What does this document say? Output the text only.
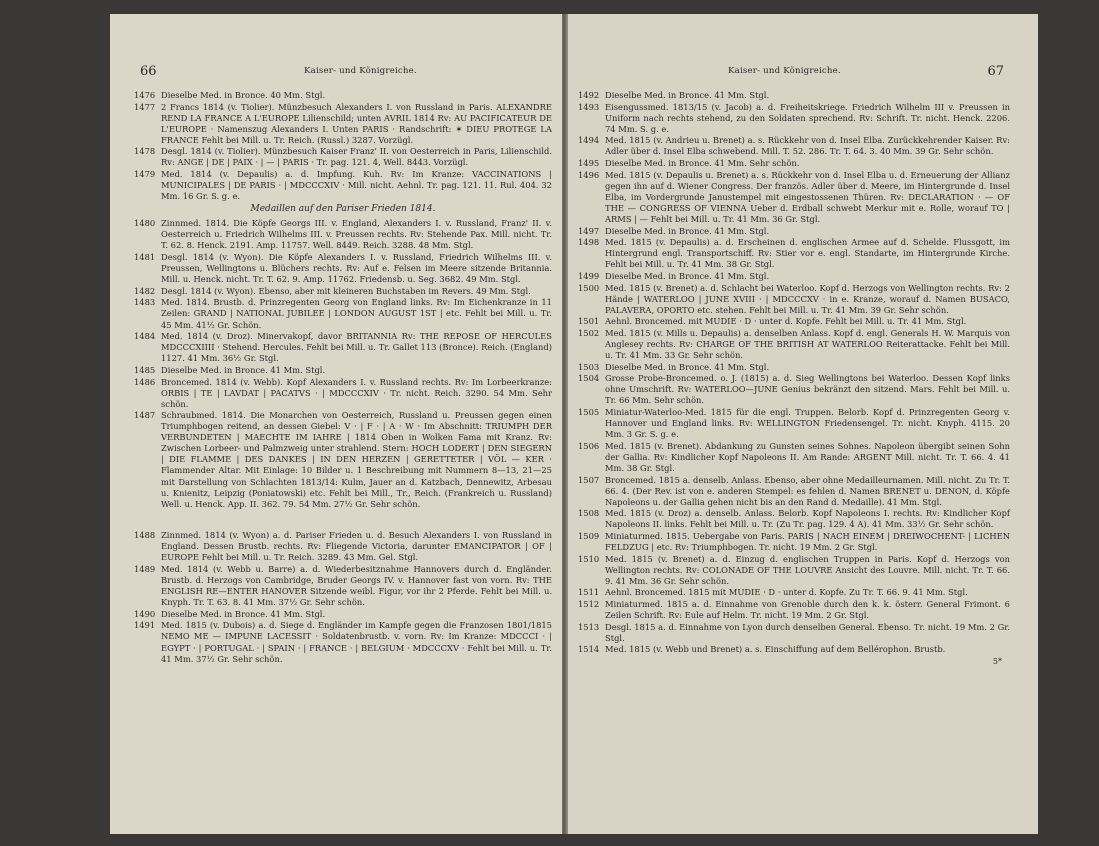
66	Kaiser- und Königreiche.
1476 Dieselbe Med. in Bronce. 40 Mm. Stgl.
1477 2 Francs 1814 (v. Tiolier). Münzbesuch Alexanders I. von Russland in Paris. ALEXANDRE REND LA FRANCE A L'EUROPE Lilienschild; unten AVRIL 1814 Rv: AU PACIFICATEUR DE L'EUROPE · Namenszug Alexanders I. Unten PARIS · Randschrift: ✶ DIEU PROTEGE LA FRANCE Fehlt bei Mill. u. Tr. Reich. (Russl.) 3287. Vorzügl.
1478 Desgl. 1814 (v. Tiolier). Münzbesuch Kaiser Franz' II. von Oesterreich in Paris, Lilienschild. Rv: ANGE | DE | PAIX · | — | PARIS · Tr. pag. 121. 4, Well. 8443. Vorzügl.
1479 Med. 1814 (v. Depaulis) a. d. Impfung. Kuh. Rv: Im Kranze: VACCINATIONS | MUNICIPALES | DE PARIS · | MDCCCXIV · Mill. nicht. Aehnl. Tr. pag. 121. 11. Rul. 404. 32 Mm. 16 Gr. S. g. e.
Medaillen auf den Pariser Frieden 1814.
1480 Zinnmed. 1814. Die Köpfe Georgs III. v. England, Alexanders I. v. Russland, Franz' II. v. Oesterreich u. Friedrich Wilhelms III. v. Preussen rechts. Rv: Stehende Pax. Mill. nicht. Tr. T. 62. 8. Henck. 2191. Amp. 11757. Well. 8449. Reich. 3288. 48 Mm. Stgl.
1481 Desgl. 1814 (v. Wyon). Die Köpfe Alexanders I. v. Russland, Friedrich Wilhelms III. v. Preussen, Wellingtons u. Blüchers rechts. Rv: Auf e. Felsen im Meere sitzende Britannia. Mill. u. Henck. nicht. Tr. T. 62. 9. Amp. 11762. Friedensb. u. Seg. 3682. 49 Mm. Stgl.
1482 Desgl. 1814 (v. Wyon). Ebenso, aber mit kleineren Buchstaben im Revers. 49 Mm. Stgl.
1483 Med. 1814. Brustb. d. Prinzregenten Georg von England links. Rv: Im Eichenkranze in 11 Zeilen: GRAND | NATIONAL JUBILEE | LONDON AUGUST 1ST | etc. Fehlt bei Mill. u. Tr. 45 Mm. 41½ Gr. Schön.
1484 Med. 1814 (v. Droz). Minervakopf, davor BRITANNIA Rv: THE REPOSE OF HERCULES MDCCCXIIII · Stehend. Hercules. Fehlt bei Mill. u. Tr. Gallet 113 (Bronce). Reich. (England) 1127. 41 Mm. 36½ Gr. Stgl.
1485 Dieselbe Med. in Bronce. 41 Mm. Stgl.
1486 Broncemed. 1814 (v. Webb). Kopf Alexanders I. v. Russland rechts. Rv: Im Lorbeerkranze: ORBIS | TE | LAVDAT | PACATVS · | MDCCCXIV · Tr. nicht. Reich. 3290. 54 Mm. Sehr schön.
1487 Schraubmed. 1814. Die Monarchen von Oesterreich, Russland u. Preussen gegen einen Triumphbogen reitend, an dessen Giebel: V · | F · | A · W · Im Abschnitt: TRIUMPH DER VERBUNDETEN | MAECHTE IM IAHRE | 1814 Oben in Wolken Fama mit Kranz. Rv: Zwischen Lorbeer- und Palmzweig unter strahlend. Stern: HOCH LODERT | DEN SIEGERN | DIE FLAMME | DES DANKES | IN DEN HERZEN | GERETTETER | VÖL — KER · Flammender Altar. Mit Einlage: 10 Bilder u. 1 Beschreibung mit Nummern 8—13, 21—25 mit Darstellung von Schlachten 1813/14: Kulm, Jauer an d. Katzbach, Dennewitz, Arbesau u. Knienitz, Leipzig (Poniatowski) etc. Fehlt bei Mill., Tr., Reich. (Frankreich u. Russland) Well. u. Henck. App. II. 362. 79. 54 Mm. 27½ Gr. Sehr schön.
1488 Zinnmed. 1814 (v. Wyon) a. d. Pariser Frieden u. d. Besuch Alexanders I. von Russland in England. Dessen Brustb. rechts. Rv: Fliegende Victoria, darunter EMANCIPATOR | OF | EUROPE Fehlt bei Mill. u. Tr. Reich. 3289. 43 Mm. Gel. Stgl.
1489 Med. 1814 (v. Webb u. Barre) a. d. Wiederbesitznahme Hannovers durch d. Engländer. Brustb. d. Herzogs von Cambridge, Bruder Georgs IV. v. Hannover fast von vorn. Rv: THE ENGLISH RE—ENTER HANOVER Sitzende weibl. Figur, vor ihr 2 Pferde. Fehlt bei Mill. u. Knyph. Tr. T. 63. 8. 41 Mm. 37½ Gr. Sehr schön.
1490 Dieselbe Med. in Bronce. 41 Mm. Stgl.
1491 Med. 1815 (v. Dubois) a. d. Siege d. Engländer im Kampfe gegen die Franzosen 1801/1815 NEMO ME — IMPUNE LACESSIT · Soldatenbrustb. v. vorn. Rv: Im Kranze: MDCCCI · | EGYPT · | PORTUGAL · | SPAIN · | FRANCE · | BELGIUM · MDCCCXV · Fehlt bei Mill. u. Tr. 41 Mm. 37½ Gr. Sehr schön.
Kaiser- und Königreiche.	67
1492 Dieselbe Med. in Bronce. 41 Mm. Stgl.
1493 Eisengussmed. 1813/15 (v. Jacob) a. d. Freiheitskriege. Friedrich Wilhelm III v. Preussen in Uniform nach rechts stehend, zu den Soldaten sprechend. Rv: Schrift. Tr. nicht. Henck. 2206. 74 Mm. S. g. e.
1494 Med. 1815 (v. Andrieu u. Brenet) a. s. Rückkehr von d. Insel Elba. Zurückkehrender Kaiser. Rv: Adler über d. Insel Elba schwebend. Mill. T. 52. 286. Tr. T. 64. 3. 40 Mm. 39 Gr. Sehr schön.
1495 Dieselbe Med. in Bronce. 41 Mm. Sehr schön.
1496 Med. 1815 (v. Depaulis u. Brenet) a. s. Rückkehr von d. Insel Elba u. d. Erneuerung der Allianz gegen ihn auf d. Wiener Congress. Der französ. Adler über d. Meere, im Hintergrunde d. Insel Elba, im Vordergrunde Janustempel mit eingestossenen Thüren. Rv: DECLARATION · — OF THE — CONGRESS OF VIENNA Ueber d. Erdball schwebt Merkur mit e. Rolle, worauf TO | ARMS | — Fehlt bei Mill. u. Tr. 41 Mm. 36 Gr. Stgl.
1497 Dieselbe Med. in Bronce. 41 Mm. Stgl.
1498 Med. 1815 (v. Depaulis) a. d. Erscheinen d. englischen Armee auf d. Schelde. Flussgott, im Hintergrund engl. Transportschiff. Rv: Stier vor e. engl. Standarte, im Hintergrunde Kirche. Fehlt bei Mill. u. Tr. 41 Mm. 38 Gr. Stgl.
1499 Dieselbe Med. in Bronce. 41 Mm. Stgl.
1500 Med. 1815 (v. Brenet) a. d. Schlacht bei Waterloo. Kopf d. Herzogs von Wellington rechts. Rv: 2 Hände | WATERLOO | JUNE XVIII · | MDCCCXV · in e. Kranze, worauf d. Namen BUSACO, PALAVERA, OPORTO etc. stehen. Fehlt bei Mill. u. Tr. 41 Mm. 39 Gr. Sehr schön.
1501 Aehnl. Broncemed. mit MUDIE · D · unter d. Kopfe. Fehlt bei Mill. u. Tr. 41 Mm. Stgl.
1502 Med. 1815 (v. Mills u. Depaulis) a. denselben Anlass. Kopf d. engl. Generals H. W. Marquis von Anglesey rechts. Rv: CHARGE OF THE BRITISH AT WATERLOO Reiterattacke. Fehlt bei Mill. u. Tr. 41 Mm. 33 Gr. Sehr schön.
1503 Dieselbe Med. in Bronce. 41 Mm. Stgl.
1504 Grosse Probe-Broncemed. o. J. (1815) a. d. Sieg Wellingtons bei Waterloo. Dessen Kopf links ohne Umschrift. Rv: WATERLOO—JUNE Genius bekränzt den sitzend. Mars. Fehlt bei Mill. u. Tr. 66 Mm. Sehr schön.
1505 Miniatur-Waterloo-Med. 1815 für die engl. Truppen. Belorb. Kopf d. Prinzregenten Georg v. Hannover und England links. Rv: WELLINGTON Friedensengel. Tr. nicht. Knyph. 4115. 20 Mm. 3 Gr. S. g. e.
1506 Med. 1815 (v. Brenet). Abdankung zu Gunsten seines Sohnes. Napoleon übergibt seinen Sohn der Gallia. Rv: Kindlicher Kopf Napoleons II. Am Rande: ARGENT Mill. nicht. Tr. T. 66. 4. 41 Mm. 38 Gr. Stgl.
1507 Broncemed. 1815 a. denselb. Anlass. Ebenso, aber ohne Medailleurnamen. Mill. nicht. Zu Tr. T. 66. 4. (Der Rev. ist von e. anderen Stempel: es fehlen d. Namen BRENET u. DENON, d. Köpfe Napoleons u. der Gallia gehen nicht bis an den Rand d. Medaille). 41 Mm. Stgl.
1508 Med. 1815 (v. Droz) a. denselb. Anlass. Belorb. Kopf Napoleons I. rechts. Rv: Kindlicher Kopf Napoleons II. links. Fehlt bei Mill. u. Tr. (Zu Tr. pag. 129. 4 A). 41 Mm. 33½ Gr. Sehr schön.
1509 Miniaturmed. 1815. Uebergabe von Paris. PARIS | NACH EINEM | DREIWOCHENT- | LICHEN FELDZUG | etc. Rv: Triumphbogen. Tr. nicht. 19 Mm. 2 Gr. Stgl.
1510 Med. 1815 (v. Brenet) a. d. Einzug d. englischen Truppen in Paris. Kopf d. Herzogs von Wellington rechts. Rv: COLONADE OF THE LOUVRE Ansicht des Louvre. Mill. nicht. Tr. T. 66. 9. 41 Mm. 36 Gr. Sehr schön.
1511 Aehnl. Broncemed. 1815 mit MUDIE · D · unter d. Kopfe. Zu Tr. T. 66. 9. 41 Mm. Stgl.
1512 Miniaturmed. 1815 a. d. Einnahme von Grenoble durch den k. k. österr. General Frimont. 6 Zeilen Schrift. Rv: Eule auf Helm. Tr. nicht. 19 Mm. 2 Gr. Stgl.
1513 Desgl. 1815 a. d. Einnahme von Lyon durch denselben General. Ebenso. Tr. nicht. 19 Mm. 2 Gr. Stgl.
1514 Med. 1815 (v. Webb und Brenet) a. s. Einschiffung auf dem Bellérophon. Brustb.
5*
